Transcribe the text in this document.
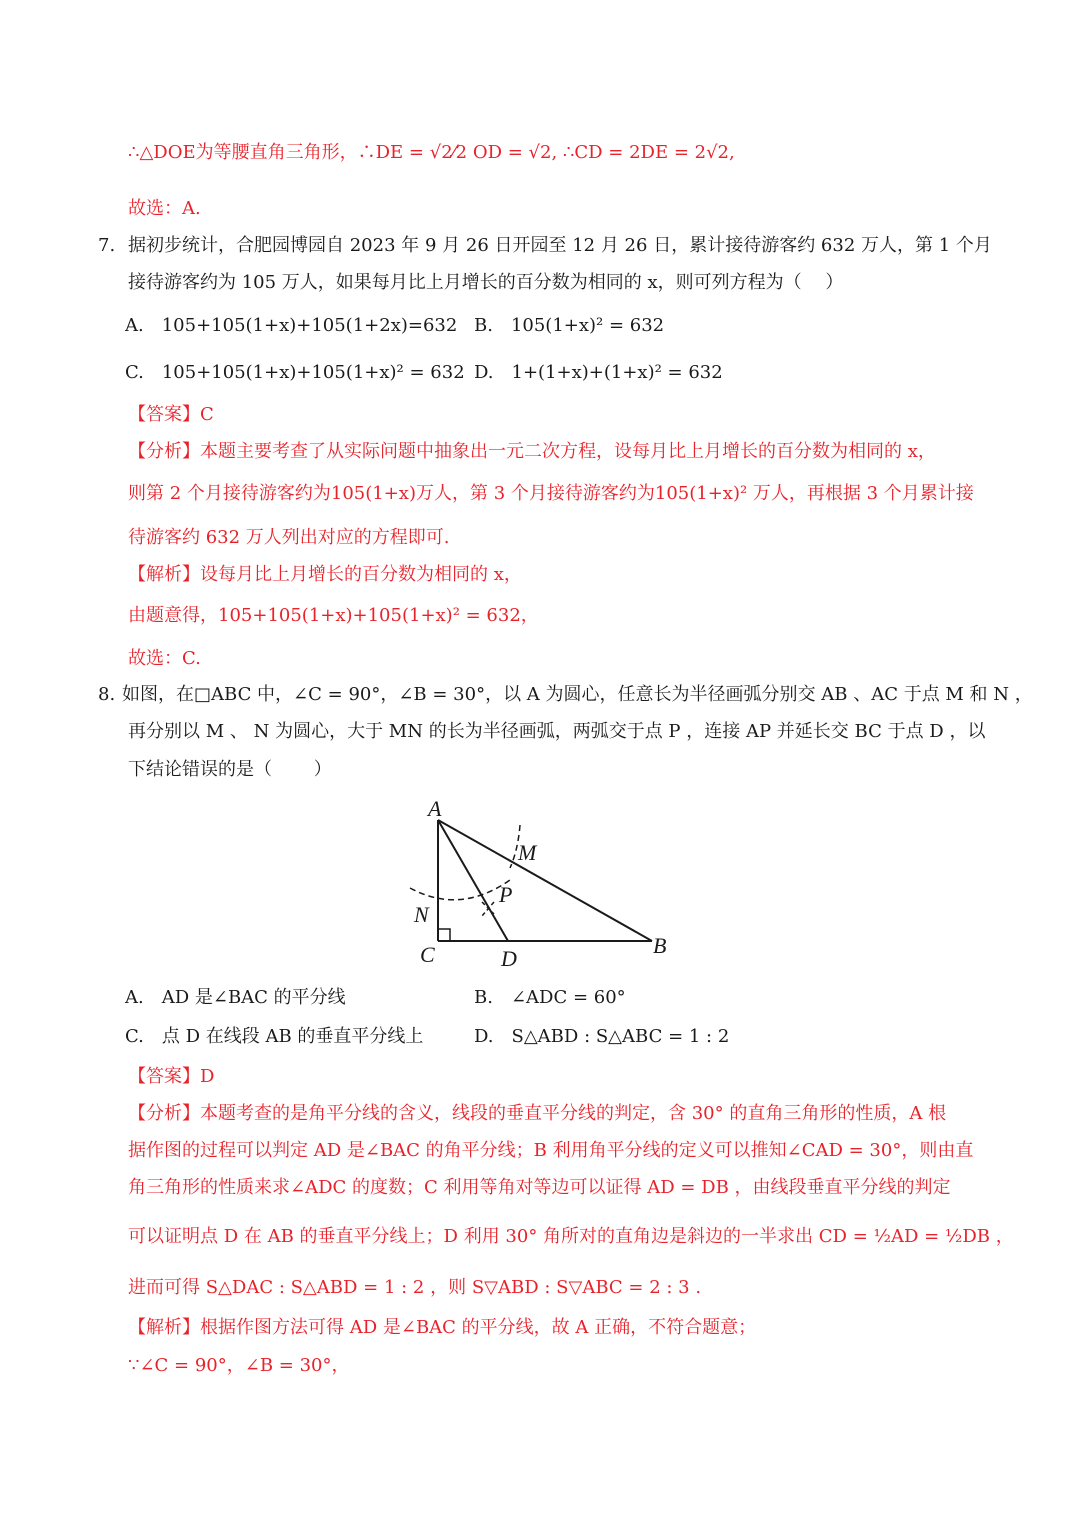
∴△DOE为等腰直角三角形，∴DE = √2⁄2 OD = √2, ∴CD = 2DE = 2√2,
故选：A.
7. 据初步统计，合肥园博园自 2023 年 9 月 26 日开园至 12 月 26 日，累计接待游客约 632 万人，第 1 个月
接待游客约为 105 万人，如果每月比上月增长的百分数为相同的 x，则可列方程为（　 ）
A.　105+105(1+x)+105(1+2x)=632 B.　105(1+x)² = 632
C.　105+105(1+x)+105(1+x)² = 632 D.　1+(1+x)+(1+x)² = 632
【答案】C
【分析】本题主要考查了从实际问题中抽象出一元二次方程，设每月比上月增长的百分数为相同的 x，
则第 2 个月接待游客约为105(1+x)万人，第 3 个月接待游客约为105(1+x)² 万人，再根据 3 个月累计接
待游客约 632 万人列出对应的方程即可.
【解析】设每月比上月增长的百分数为相同的 x，
由题意得，105+105(1+x)+105(1+x)² = 632，
故选：C.
8. 如图，在□ABC 中，∠C = 90°，∠B = 30°，以 A 为圆心，任意长为半径画弧分别交 AB 、AC 于点 M 和 N ，
再分别以 M 、 N 为圆心，大于 MN 的长为半径画弧，两弧交于点 P ，连接 AP 并延长交 BC 于点 D ，以
下结论错误的是（　　 ）
A
M
N
P
C	D
B
A.　AD 是∠BAC 的平分线	B.　∠ADC = 60°
C.　点 D 在线段 AB 的垂直平分线上	D.　S△ABD : S△ABC = 1 : 2
【答案】D
【分析】本题考查的是角平分线的含义，线段的垂直平分线的判定，含 30° 的直角三角形的性质，A 根
据作图的过程可以判定 AD 是∠BAC 的角平分线；B 利用角平分线的定义可以推知∠CAD = 30°，则由直
角三角形的性质来求∠ADC 的度数；C 利用等角对等边可以证得 AD = DB ，由线段垂直平分线的判定
可以证明点 D 在 AB 的垂直平分线上；D 利用 30° 角所对的直角边是斜边的一半求出 CD = ½AD = ½DB ，
进而可得 S△DAC : S△ABD = 1 : 2 ，则 S▽ABD : S▽ABC = 2 : 3 .
【解析】根据作图方法可得 AD 是∠BAC 的平分线，故 A 正确，不符合题意；
∵∠C = 90°，∠B = 30°，
